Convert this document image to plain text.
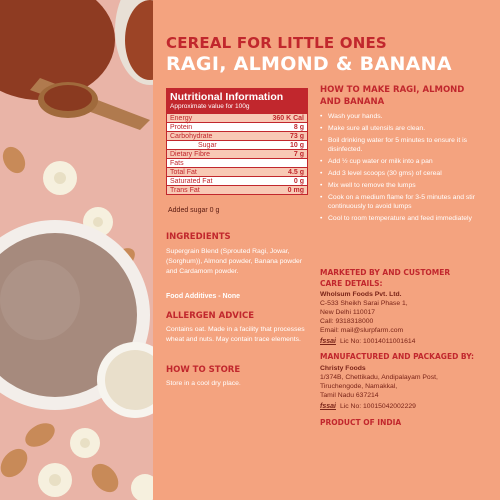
CEREAL FOR LITTLE ONES
RAGI, ALMOND & BANANA
Nutritional Information
Approximate value for 100g
Energy	360 K Cal
Protein	8 g
Carbohydrate	73 g
Sugar	10 g
Dietary Fibre	7 g
Fats
Total Fat	4.5 g
Saturated Fat	0 g
Trans Fat	0 mg
Added sugar 0 g
INGREDIENTS
Supergrain Blend (Sprouted Ragi, Jowar, (Sorghum)), Almond powder, Banana powder and Cardamom powder.
Food Additives - None
ALLERGEN ADVICE
Contains oat. Made in a facility that processes wheat and nuts. May contain trace elements.
HOW TO STORE
Store in a cool dry place.
HOW TO MAKE RAGI, ALMOND
AND BANANA
• Wash your hands.
• Make sure all utensils are clean.
• Boil drinking water for 5 minutes to ensure it is disinfected.
• Add ½ cup water or milk into a pan
• Add 3 level scoops (30 gms) of cereal
• Mix well to remove the lumps
• Cook on a medium flame for 3-5 minutes and stir continuously to avoid lumps
• Cool to room temperature and feed immediately
MARKETED BY AND CUSTOMER
CARE DETAILS:
Wholsum Foods Pvt. Ltd.
C-533 Sheikh Sarai Phase 1,
New Delhi 110017
Call: 9318318000
Email: mail@slurpfarm.com
fssai Lic No: 10014011001614
MANUFACTURED AND PACKAGED BY:
Christy Foods
1/374B, Chettikadu, Andipalayam Post,
Tiruchengode, Namakkal,
Tamil Nadu 637214
fssai Lic No: 10015042002229
PRODUCT OF INDIA
